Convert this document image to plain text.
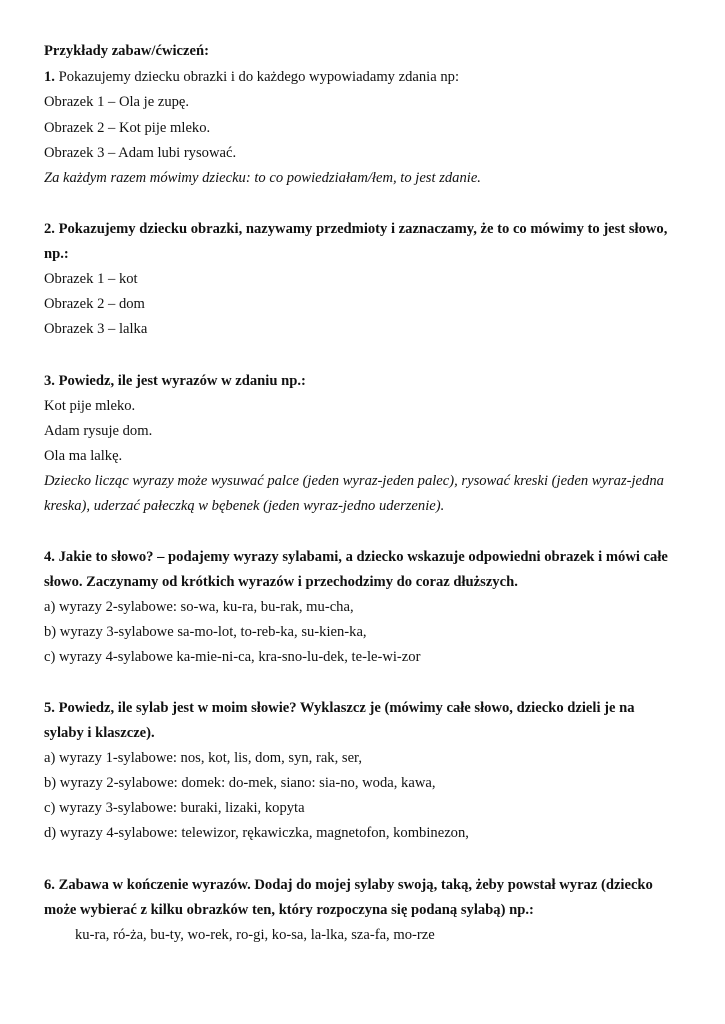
Przykłady zabaw/ćwiczeń:
1. Pokazujemy dziecku obrazki i do każdego wypowiadamy zdania np:
Obrazek 1 – Ola je zupę.
Obrazek 2 – Kot pije mleko.
Obrazek 3 – Adam lubi rysować.
Za każdym razem mówimy dziecku: to co powiedziałam/łem, to jest zdanie.
2. Pokazujemy dziecku obrazki, nazywamy przedmioty i zaznaczamy, że to co mówimy to jest słowo,
np.:
Obrazek 1 – kot
Obrazek 2 – dom
Obrazek 3 – lalka
3. Powiedz, ile jest wyrazów w zdaniu np.:
Kot pije mleko.
Adam rysuje dom.
Ola ma lalkę.
Dziecko licząc wyrazy może wysuwać palce (jeden wyraz-jeden palec), rysować kreski (jeden wyraz-jedna
kreska), uderzać pałeczką w bębenek (jeden wyraz-jedno uderzenie).
4. Jakie to słowo? – podajemy wyrazy sylabami, a dziecko wskazuje odpowiedni obrazek i mówi całe
słowo. Zaczynamy od krótkich wyrazów i przechodzimy do coraz dłuższych.
a) wyrazy 2-sylabowe: so-wa, ku-ra, bu-rak, mu-cha,
b) wyrazy 3-sylabowe sa-mo-lot, to-reb-ka, su-kien-ka,
c) wyrazy 4-sylabowe ka-mie-ni-ca, kra-sno-lu-dek, te-le-wi-zor
5. Powiedz, ile sylab jest w moim słowie? Wyklaszcz je (mówimy całe słowo, dziecko dzieli je na
sylaby i klaszcze).
a) wyrazy 1-sylabowe: nos, kot, lis, dom, syn, rak, ser,
b) wyrazy 2-sylabowe: domek: do-mek, siano: sia-no, woda, kawa,
c) wyrazy 3-sylabowe: buraki, lizaki, kopyta
d) wyrazy 4-sylabowe: telewizor, rękawiczka, magnetofon, kombinezon,
6. Zabawa w kończenie wyrazów. Dodaj do mojej sylaby swoją, taką, żeby powstał wyraz (dziecko
może wybierać z kilku obrazków ten, który rozpoczyna się podaną sylabą) np.:
ku-ra, ró-ża, bu-ty, wo-rek, ro-gi, ko-sa, la-lka, sza-fa, mo-rze
